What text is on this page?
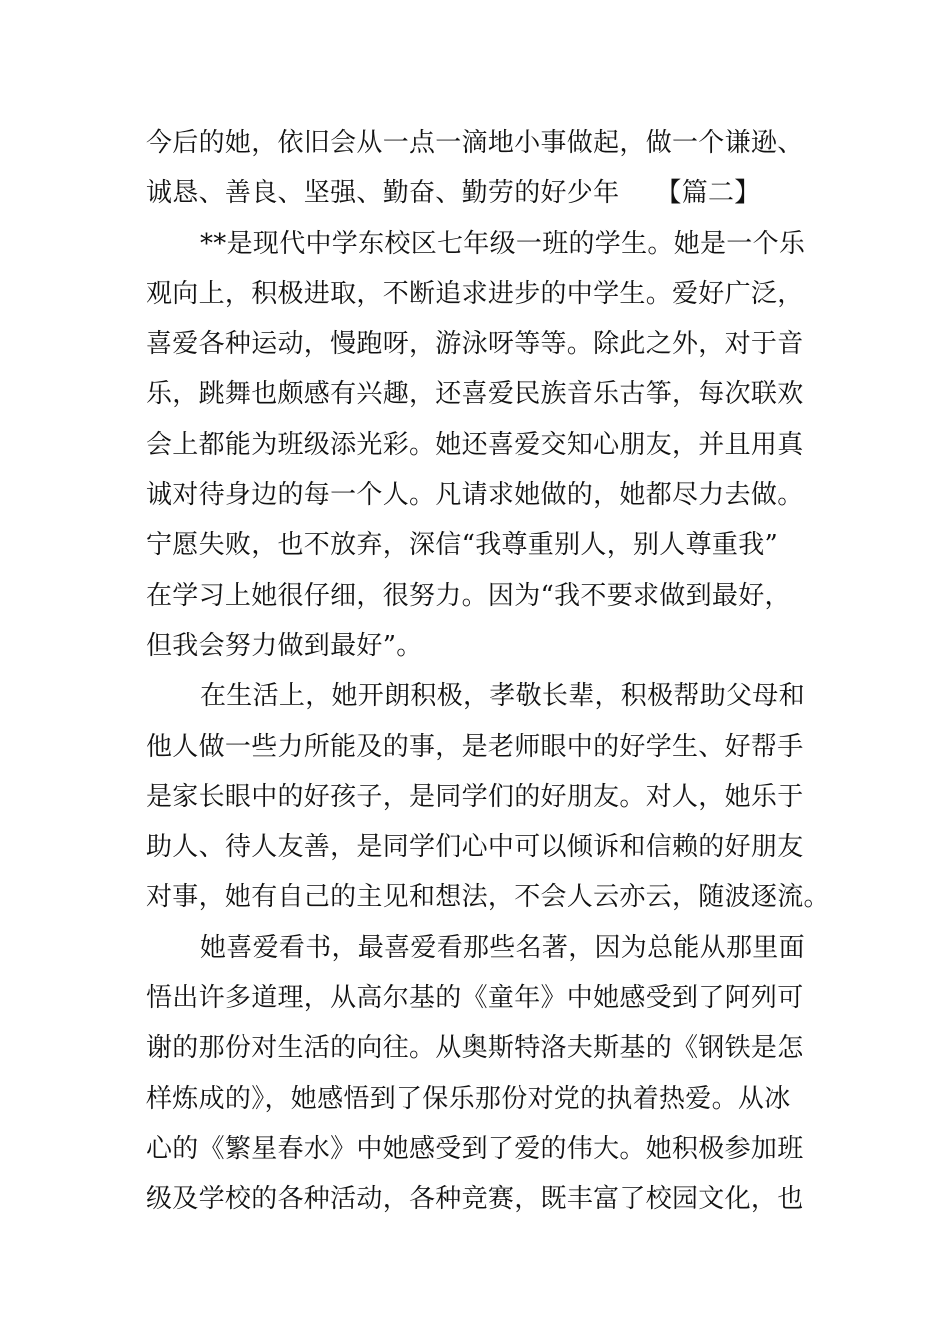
今后的她，依旧会从一点一滴地小事做起，做一个谦逊、
诚恳、善良、坚强、勤奋、勤劳的好少年 【篇二】
**是现代中学东校区七年级一班的学生。她是一个乐
观向上，积极进取，不断追求进步的中学生。爱好广泛，
喜爱各种运动，慢跑呀，游泳呀等等。除此之外，对于音
乐，跳舞也颇感有兴趣，还喜爱民族音乐古筝，每次联欢
会上都能为班级添光彩。她还喜爱交知心朋友，并且用真
诚对待身边的每一个人。凡请求她做的，她都尽力去做。
宁愿失败，也不放弃，深信“我尊重别人，别人尊重我”
在学习上她很仔细，很努力。因为“我不要求做到最好，
但我会努力做到最好”。
在生活上，她开朗积极，孝敬长辈，积极帮助父母和
他人做一些力所能及的事，是老师眼中的好学生、好帮手
是家长眼中的好孩子，是同学们的好朋友。对人，她乐于
助人、待人友善，是同学们心中可以倾诉和信赖的好朋友
对事，她有自己的主见和想法，不会人云亦云，随波逐流。
她喜爱看书，最喜爱看那些名著，因为总能从那里面
悟出许多道理，从高尔基的《童年》中她感受到了阿列可
谢的那份对生活的向往。从奥斯特洛夫斯基的《钢铁是怎
样炼成的》，她感悟到了保乐那份对党的执着热爱。从冰
心的《繁星春水》中她感受到了爱的伟大。她积极参加班
级及学校的各种活动，各种竞赛，既丰富了校园文化，也
